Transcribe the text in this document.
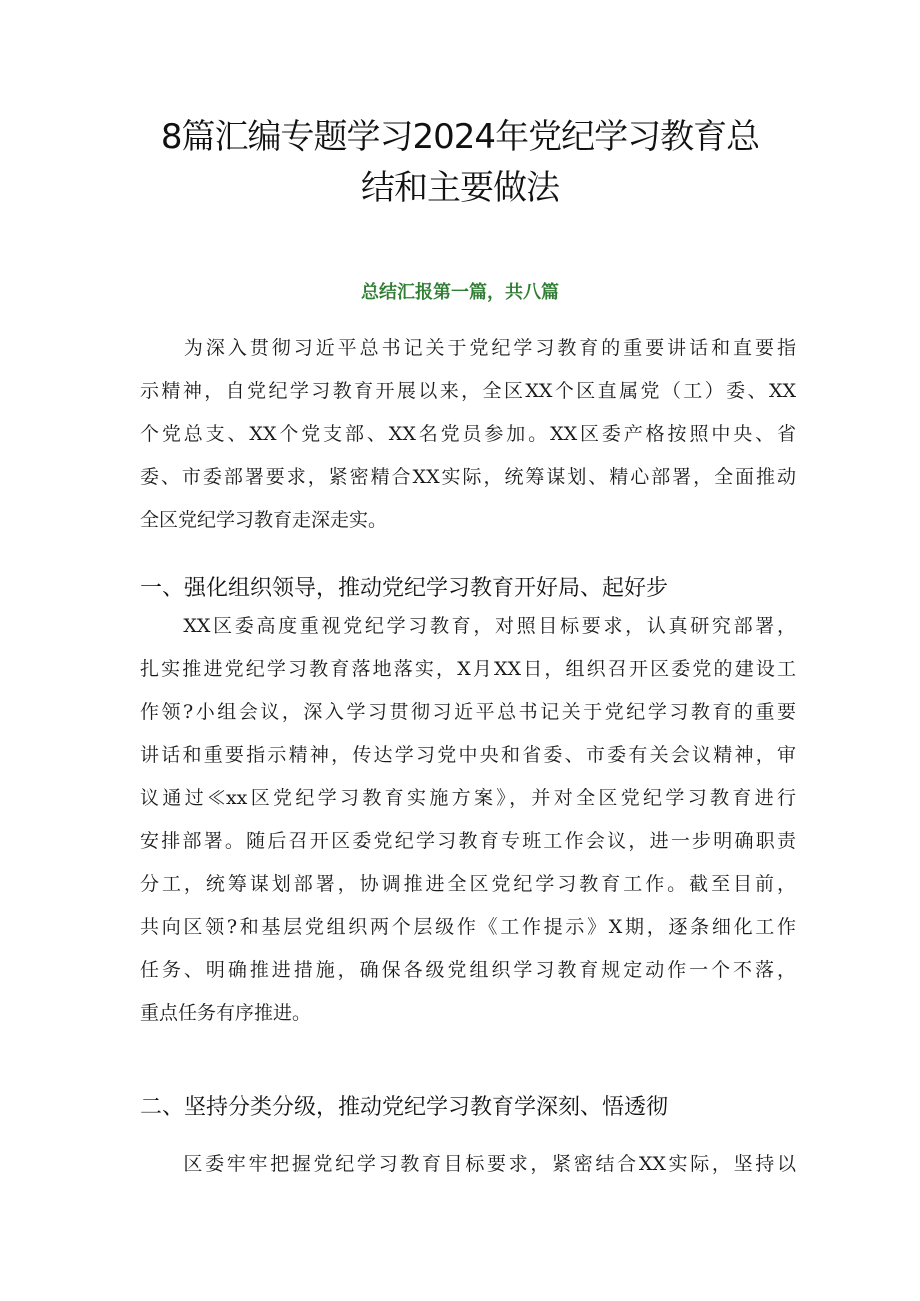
8篇汇编专题学习2024年党纪学习教育总
结和主要做法

总结汇报第一篇，共八篇

　　为深入贯彻习近平总书记关于党纪学习教育的重要讲话和直要指
示精神，自党纪学习教育开展以来，全区XX个区直属党（工）委、XX
个党总支、XX个党支部、XX名党员参加。XX区委产格按照中央、省
委、市委部署要求，紧密精合XX实际，统筹谋划、精心部署，全面推动
全区党纪学习教育走深走实。
一、强化组织领导，推动党纪学习教育开好局、起好步
　　XX区委高度重视党纪学习教育，对照目标要求，认真研究部署，
扎实推进党纪学习教育落地落实，X月XX日，组织召开区委党的建设工
作领?小组会议，深入学习贯彻习近平总书记关于党纪学习教育的重要
讲话和重要指示精神，传达学习党中央和省委、市委有关会议精神，审
议通过≪xx区党纪学习教育实施方案》，并对全区党纪学习教育进行
安排部署。随后召开区委党纪学习教育专班工作会议，进一步明确职责
分工，统筹谋划部署，协调推进全区党纪学习教育工作。截至目前，
共向区领?和基层党组织两个层级作《工作提示》X期，逐条细化工作
任务、明确推进措施，确保各级党组织学习教育规定动作一个不落，
重点任务有序推进。
二、坚持分类分级，推动党纪学习教育学深刻、悟透彻
　　区委牢牢把握党纪学习教育目标要求，紧密结合XX实际，坚持以
